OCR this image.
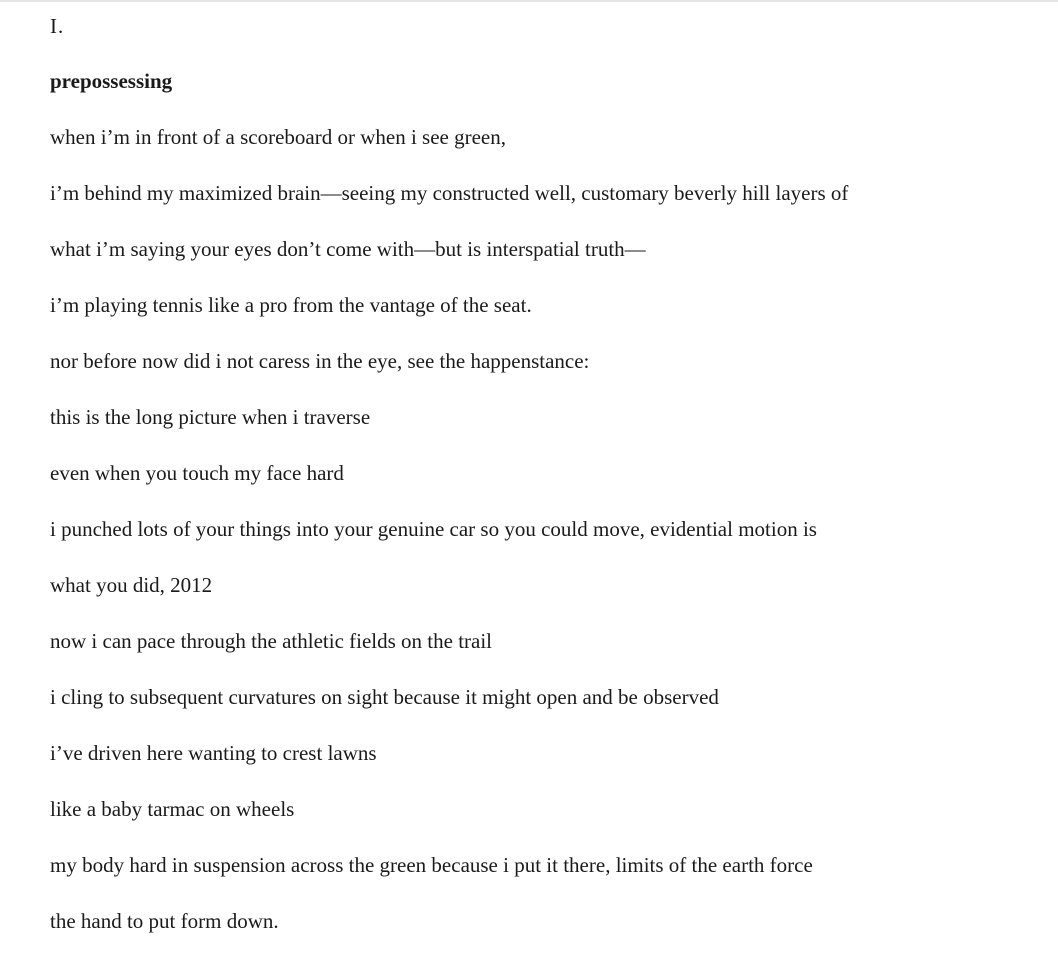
I.
prepossessing
when i’m in front of a scoreboard or when i see green,
i’m behind my maximized brain—seeing my constructed well, customary beverly hill layers of
what i’m saying your eyes don’t come with—but is interspatial truth—
i’m playing tennis like a pro from the vantage of the seat.
nor before now did i not caress in the eye, see the happenstance:
this is the long picture when i traverse
even when you touch my face hard
i punched lots of your things into your genuine car so you could move, evidential motion is
what you did, 2012
now i can pace through the athletic fields on the trail
i cling to subsequent curvatures on sight because it might open and be observed
i’ve driven here wanting to crest lawns
like a baby tarmac on wheels
my body hard in suspension across the green because i put it there, limits of the earth force
the hand to put form down.
